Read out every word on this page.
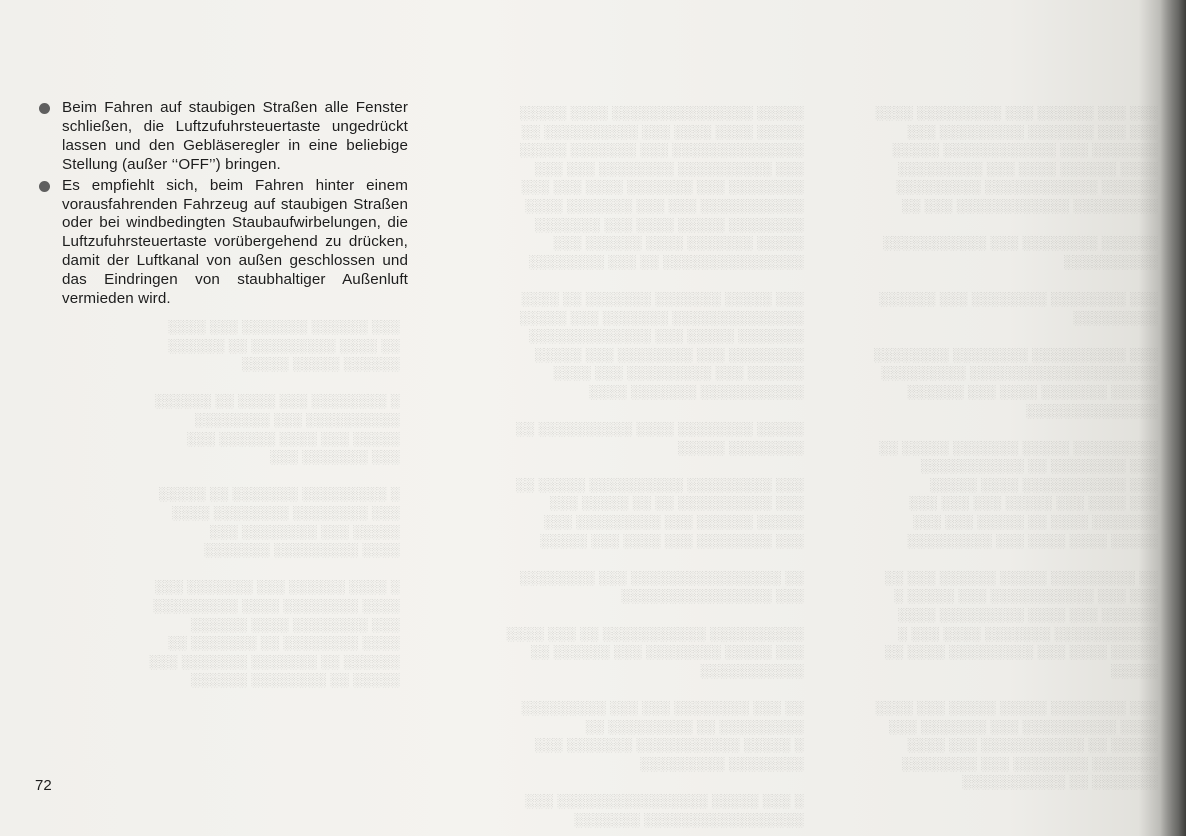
░░░ ░░░░░░ ░░░░░░░ ░░░ ░░░░
░░ ░░░░ ░░░░░░░░░ ░░ ░░░░░░
░░░░░░ ░░░░░ ░░░░░

░ ░░░░░░░░ ░░░ ░░░░ ░░ ░░░░░░
░░░░░░░░░░ ░░░ ░░░░░░░░
░░░░░ ░░░ ░░░░ ░░░░░░ ░░░
░░░ ░░░░░░░ ░░░

░ ░░░░░░░░░ ░░░░░░░ ░░ ░░░░░
░░░ ░░░░░░░░ ░░░░░░░░ ░░░░
░░░░░ ░░░ ░░░░░░░░ ░░░
░░░░ ░░░░░░░░░ ░░░░░░░

░ ░░░░ ░░░░░░ ░░░ ░░░░░░░ ░░░
░░░░ ░░░░░░░░ ░░░░ ░░░░░░░░░
░░░ ░░░░░░░░ ░░░░ ░░░░░░
░░░░ ░░░░░░░░ ░░ ░░░░░░░ ░░
░░░░░░ ░░ ░░░░░░░ ░░░░░░░ ░░░
░░░░░ ░░ ░░░░░░░░ ░░░░░░
░░░░░ ░░░░░░░░░░░░░░░ ░░░░ ░░░░░
░░░░░ ░░░░ ░░░░ ░░░ ░░░░░░░░░░ ░░
░░░░░░░░░░░░░░ ░░░ ░░░░░░░ ░░░░░
░░░ ░░░░░░░░░░ ░░░░░░░░ ░░░ ░░░
░░░░░░░░ ░░░ ░░░░░░░ ░░░░ ░░░ ░░░
░░░░░░░░░░░ ░░░ ░░░ ░░░░░░░ ░░░░
░░░░░░░░ ░░░░░ ░░░░ ░░░ ░░░░░░░
░░░░░ ░░░░░░░ ░░░░ ░░░░░░ ░░░
░░░░░░░░░░░░░░░ ░░ ░░░ ░░░░░░░░

░░░ ░░░░░ ░░░░░░░ ░░░░░░░ ░░ ░░░░
░░░░░░░░░░░░░░ ░░░░░░░ ░░░ ░░░░░
░░░░░░░ ░░░░░ ░░░ ░░░░░░░░░░░░░
░░░░░░░░ ░░░ ░░░░░░░░ ░░░ ░░░░░
░░░░░░ ░░░ ░░░░░░░░░ ░░░ ░░░░
░░░░░░░░░░░ ░░░░░░░ ░░░░

░░░░░ ░░░░░░░░ ░░░░ ░░░░░░░░░░ ░░
░░░░░░░░ ░░░░░

░░░ ░░░░░░░░░ ░░░░░░░░░░ ░░░░░ ░░
░░░ ░░░░░░░░░░ ░░ ░░ ░░░░░ ░░░
░░░░░ ░░░░░░ ░░░ ░░░░░░░░░ ░░░
░░░ ░░░░░░░░ ░░░ ░░░░ ░░░ ░░░░░

░░ ░░░░░░░░░░░░░░░░ ░░░ ░░░░░░░░
░░░ ░░░░░░░░░░░░░░░░

░░░░░░░░░░ ░░░░░░░░░░░ ░░ ░░░ ░░░░
░░░ ░░░░░ ░░░░░░░░ ░░░ ░░░░░░ ░░
░░░░░░░░░░░

░░ ░░░ ░░░░░░░░ ░░░ ░░░ ░░░░░░░░░
░░░░░░░░░ ░░ ░░░░░░░░░ ░░
░ ░░░░░ ░░░░░░░░░░░ ░░░░░░░ ░░░
░░░░░░░░ ░░░░░░░░░

░ ░░░ ░░░░░ ░░░░░░░░░░░░░░░░ ░░░
░░░░░░░░░░░░░░░░░ ░░░░░░░
░░░ ░░░ ░░░░░░ ░░░ ░░░░░░░░░ ░░░░
░░░ ░░░ ░░░░░░░ ░░░░░░░░░ ░░░
░░░░░░░ ░░░ ░░░░░░░░░░░░ ░░░░░
░░░░ ░░░░░░ ░░░░ ░░░ ░░░░░░░░░
░░░░░░ ░░░░░░░░░░░░ ░░░░░░░░░
░░░░░░░░░ ░░░░░░░░░░░░ ░░░ ░░

░░░░░░ ░░░░░░░░ ░░░ ░░░░░░░░░░░
░░░░░░░░░░

░░░ ░░░░░░░░ ░░░░░░░░ ░░░ ░░░░░░
░░░░░░░░░

░░░ ░░░░░░░░░░ ░░░░░░░░ ░░░░░░░░
░░░░░░░░░░░░░░░░░░░░ ░░░░░░░░░
░░░░░ ░░░░░░░ ░░░░ ░░░ ░░░░░░
░░░░░░░░░░░░░░

░░░░░░░░░ ░░░░░ ░░░░░░░ ░░░░░ ░░
░░░ ░░░░░░░░ ░░ ░░░░░░░░░░░
░░░ ░░░░░░░░░░░ ░░░░ ░░░░░
░░░ ░░░░ ░░░ ░░░░░ ░░░ ░░░ ░░░
░░░░░░░ ░░░░ ░░ ░░░░░ ░░░ ░░░
░░░░░ ░░░░ ░░░░ ░░░ ░░░░░░░░░

░░ ░░░░░░░░░ ░░░░░ ░░░░░░ ░░░ ░░
░░░ ░░░ ░░░░░░░░░░░ ░░░ ░░░░░ ░
░░░░░░ ░░░ ░░░░ ░░░░░░░░░ ░░░░
░░░░░░░░░░░ ░░░░░░░ ░░░░ ░░░ ░
░░░░░ ░░░░ ░░░ ░░░░░░░░░ ░░░░ ░░
░░░░░

░░░ ░░░░░░░░ ░░░░░ ░░░░░ ░░░ ░░░░
░░░░ ░░░░░░░░░░ ░░░ ░░░░░░░ ░░░
░░░░░ ░░ ░░░░░░░░░░░ ░░░ ░░░░
░░░░░░░ ░░░░░░░░ ░░░ ░░░░░░░░
░░░░░░░ ░░ ░░░░░░░░░░░
Beim Fahren auf staubigen Straßen alle Fenster schließen, die Luftzufuhrsteuertaste ungedrückt lassen und den Gebläseregler in eine beliebige Stellung (außer ‘‘OFF’’) bringen.
Es empfiehlt sich, beim Fahren hinter einem vorausfahrenden Fahrzeug auf staubigen Straßen oder bei windbedingten Staubaufwirbelungen, die Luftzufuhrsteuertaste vorübergehend zu drücken, damit der Luftkanal von außen geschlossen und das Eindringen von staubhaltiger Außenluft vermieden wird.
72
